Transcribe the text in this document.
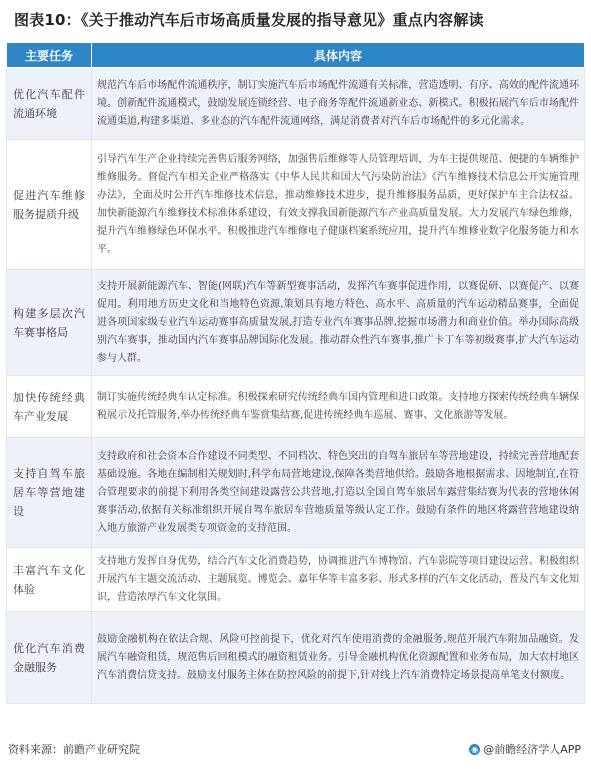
图表10：《关于推动汽车后市场高质量发展的指导意见》重点内容解读
主要任务	具体内容
优化汽车配件流通环境	规范汽车后市场配件流通秩序，制订实施汽车后市场配件流通有关标准，营造透明、有序、高效的配件流通环境。创新配件流通模式，鼓励发展连锁经营、电子商务等配件流通新业态、新模式。积极拓展汽车后市场配件流通渠道,构建多渠道、多业态的汽车配件流通网络，满足消费者对汽车后市场配件的多元化需求。
促进汽车维修服务提质升级	引导汽车生产企业持续完善售后服务网络，加强售后维修等人员管理培训，为车主提供规范、便捷的车辆维护维修服务。督促汽车相关企业严格落实《中华人民共和国大气污染防治法》《汽车维修技术信息公开实施管理办法》，全面及时公开汽车维修技术信息，推动维修技术进步，提升维修服务品质，更好保护车主合法权益。加快新能源汽车维修技术标准体系建设，有效支撑我国新能源汽车产业高质量发展。大力发展汽车绿色维修，提升汽车维修绿色环保水平。积极推进汽车维修电子健康档案系统应用，提升汽车维修业数字化服务能力和水平。
构建多层次汽车赛事格局	支持开展新能源汽车、智能(网联)汽车等新型赛事活动，发挥汽车赛事促进作用，以赛促研、以赛促产、以赛促用。利用地方历史文化和当地特色资源,策划具有地方特色、高水平、高质量的汽车运动精品赛事，全面促进各项国家级专业汽车运动赛事高质量发展,打造专业汽车赛事品牌,挖掘市场潜力和商业价值。举办国际高级别汽车赛事，推动国内汽车赛事品牌国际化发展。推动群众性汽车赛事,推广卡丁车等初级赛事,扩大汽车运动参与人群。
加快传统经典车产业发展	制订实施传统经典车认定标准。积极探索研究传统经典车国内管理和进口政策。支持地方探索传统经典车辆保税展示及托管服务,举办传统经典车鉴赏集结赛,促进传统经典车巡展、赛事、文化旅游等发展。
支持自驾车旅居车等营地建设	支持政府和社会资本合作建设不同类型、不同档次、特色突出的自驾车旅居车等营地建设，持续完善营地配套基础设施。各地在编制相关规划时,科学布局营地建设,保障各类营地供给。鼓励各地根据需求、因地制宜,在符合管理要求的前提下利用各类空间建设露营公共营地,打造以全国自驾车旅居车露营集结赛为代表的营地休闲赛事活动,依据有关标准组织开展自驾车旅居车营地质量等级认定工作。鼓励有条件的地区将露营营地建设纳入地方旅游产业发展类专项资金的支持范围。
丰富汽车文化体验	支持地方发挥自身优势，结合汽车文化消费趋势，协调推进汽车博物馆、汽车影院等项目建设运营。积极组织开展汽车主题交流活动、主题展览、博览会、嘉年华等丰富多彩、形式多样的汽车文化活动，普及汽车文化知识，营造浓厚汽车文化氛围。
优化汽车消费金融服务	鼓励金融机构在依法合规、风险可控前提下，优化对汽车使用消费的金融服务,规范开展汽车附加品融资。发展汽车融资租赁，规范售后回租模式的融资租赁业务。引导金融机构优化资源配置和业务布局，加大农村地区汽车消费信贷支持。鼓励支付服务主体在防控风险的前提下,针对线上汽车消费特定场景提高单笔支付额度。
资料来源：前瞻产业研究院	◉ @前瞻经济学人APP
